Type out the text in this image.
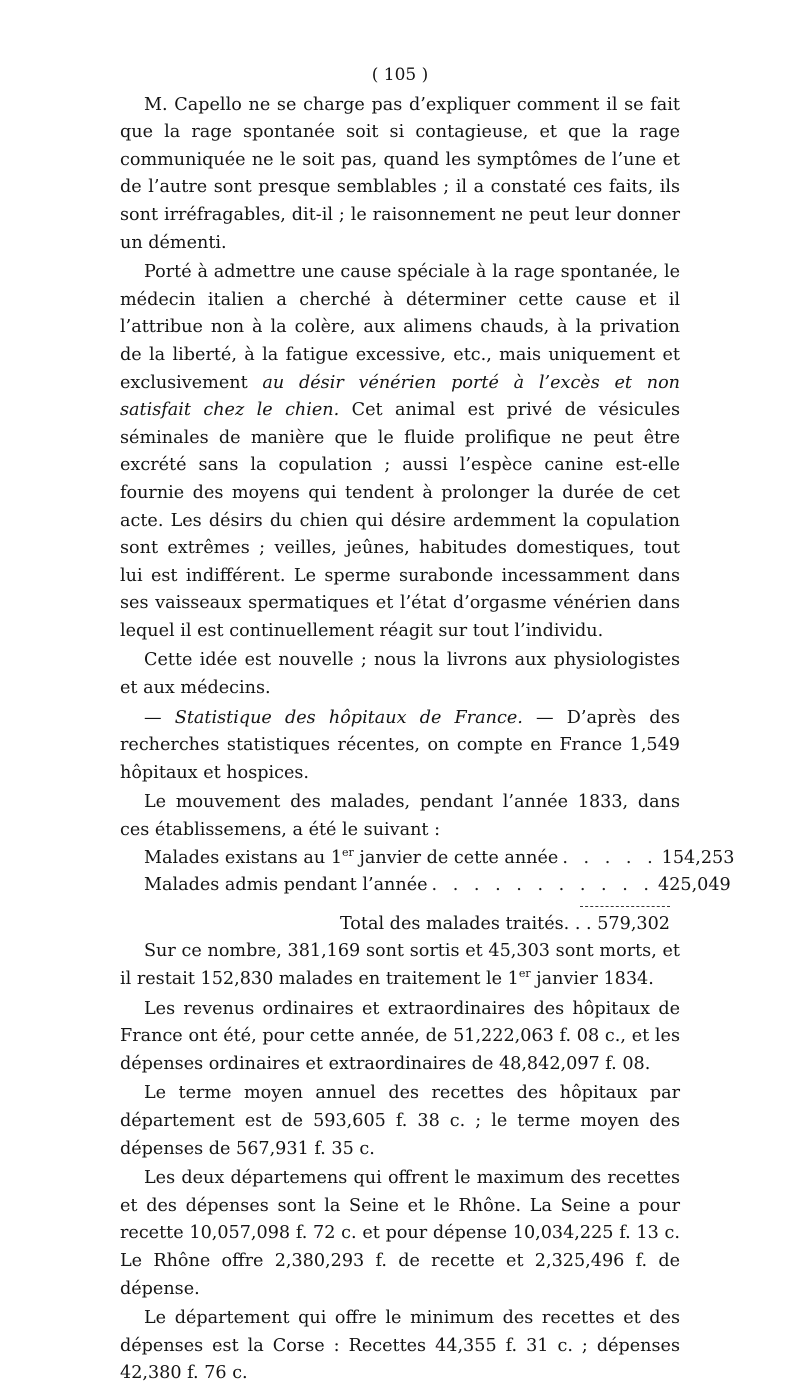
( 105 )

M. Capello ne se charge pas d’expliquer comment il se fait que la rage spontanée soit si contagieuse, et que la rage communiquée ne le soit pas, quand les symptômes de l’une et de l’autre sont presque semblables ; il a constaté ces faits, ils sont irréfragables, dit-il ; le raisonnement ne peut leur donner un démenti.

Porté à admettre une cause spéciale à la rage spontanée, le médecin italien a cherché à déterminer cette cause et il l’attribue non à la colère, aux alimens chauds, à la privation de la liberté, à la fatigue excessive, etc., mais uniquement et exclusivement au désir vénérien porté à l’excès et non satisfait chez le chien. Cet animal est privé de vésicules séminales de manière que le fluide prolifique ne peut être excrété sans la copulation ; aussi l’espèce canine est-elle fournie des moyens qui tendent à prolonger la durée de cet acte. Les désirs du chien qui désire ardemment la copulation sont extrêmes ; veilles, jeûnes, habitudes domestiques, tout lui est indifférent. Le sperme surabonde incessamment dans ses vaisseaux spermatiques et l’état d’orgasme vénérien dans lequel il est continuellement réagit sur tout l’individu.

Cette idée est nouvelle ; nous la livrons aux physiologistes et aux médecins.

— Statistique des hôpitaux de France. — D’après des recherches statistiques récentes, on compte en France 1,549 hôpitaux et hospices.

Le mouvement des malades, pendant l’année 1833, dans ces établissemens, a été le suivant :

Malades existans au 1er janvier de cette année . . . . . 154,253
Malades admis pendant l’année . . . . . . . . . . . 425,049
Total des malades traités. . . 579,302

Sur ce nombre, 381,169 sont sortis et 45,303 sont morts, et il restait 152,830 malades en traitement le 1er janvier 1834.

Les revenus ordinaires et extraordinaires des hôpitaux de France ont été, pour cette année, de 51,222,063 f. 08 c., et les dépenses ordinaires et extraordinaires de 48,842,097 f. 08.

Le terme moyen annuel des recettes des hôpitaux par département est de 593,605 f. 38 c. ; le terme moyen des dépenses de 567,931 f. 35 c.

Les deux départemens qui offrent le maximum des recettes et des dépenses sont la Seine et le Rhône. La Seine a pour recette 10,057,098 f. 72 c. et pour dépense 10,034,225 f. 13 c. Le Rhône offre 2,380,293 f. de recette et 2,325,496 f. de dépense.

Le département qui offre le minimum des recettes et des dépenses est la Corse : Recettes 44,355 f. 31 c. ; dépenses 42,380 f. 76 c.
